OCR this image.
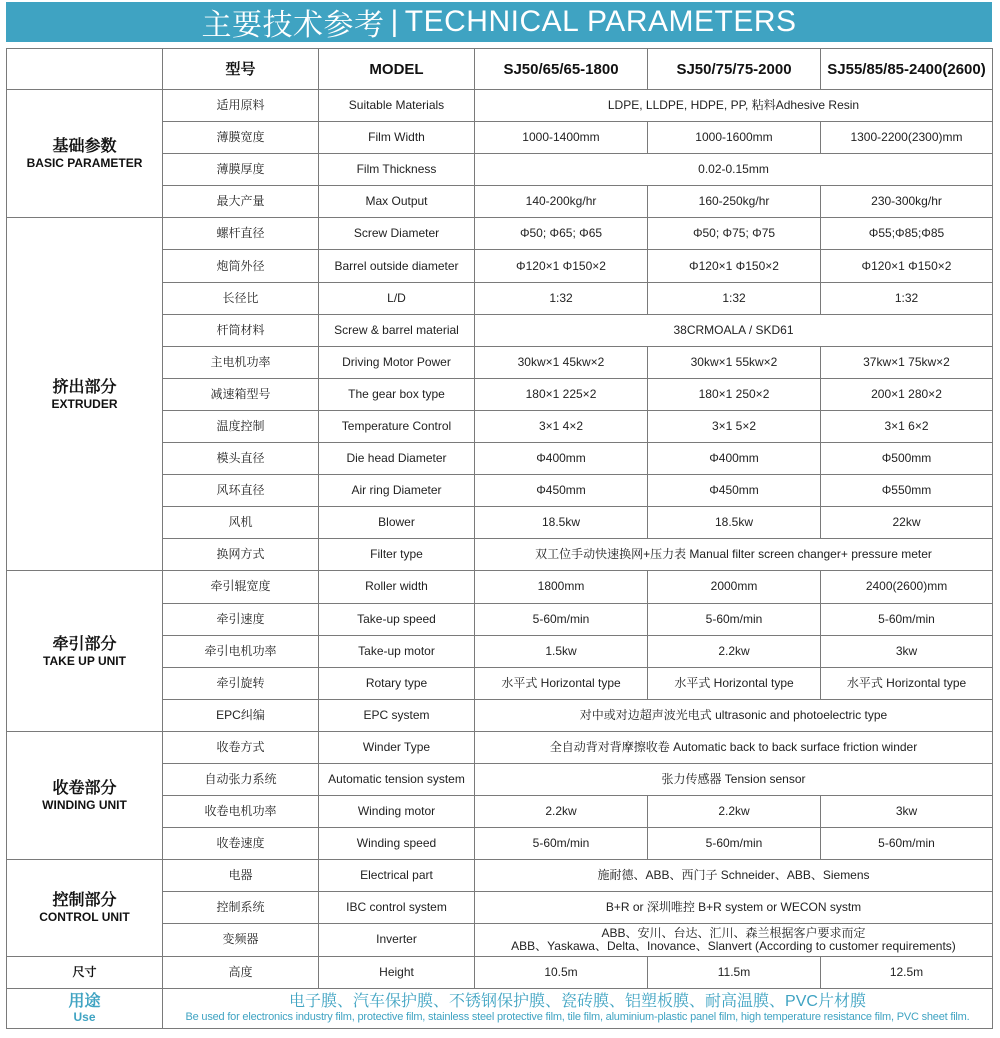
主要技术参考 | TECHNICAL PARAMETERS
	型号	MODEL	SJ50/65/65-1800	SJ50/75/75-2000	SJ55/85/85-2400(2600)

基础参数
BASIC PARAMETER	适用原料	Suitable Materials	LDPE, LLDPE, HDPE, PP, 粘料Adhesive Resin		
	薄膜宽度	Film Width	1000-1400mm	1000-1600mm	1300-2200(2300)mm
	薄膜厚度	Film Thickness	0.02-0.15mm		
	最大产量	Max Output	140-200kg/hr	160-250kg/hr	230-300kg/hr

挤出部分
EXTRUDER	螺杆直径	Screw Diameter	Φ50; Φ65; Φ65	Φ50; Φ75; Φ75	Φ55;Φ85;Φ85
	炮筒外径	Barrel outside diameter	Φ120×1 Φ150×2	Φ120×1 Φ150×2	Φ120×1 Φ150×2
	长径比	L/D	1:32	1:32	1:32
	杆筒材料	Screw & barrel material	38CRMOALA / SKD61		
	主电机功率	Driving Motor Power	30kw×1 45kw×2	30kw×1 55kw×2	37kw×1 75kw×2
	减速箱型号	The gear box type	180×1 225×2	180×1 250×2	200×1 280×2
	温度控制	Temperature Control	3×1 4×2	3×1 5×2	3×1 6×2
	模头直径	Die head Diameter	Φ400mm	Φ400mm	Φ500mm
	风环直径	Air ring Diameter	Φ450mm	Φ450mm	Φ550mm
	风机	Blower	18.5kw	18.5kw	22kw
	换网方式	Filter type	双工位手动快速换网+压力表 Manual filter screen changer+ pressure meter		

牵引部分
TAKE UP UNIT	牵引辊宽度	Roller width	1800mm	2000mm	2400(2600)mm
	牵引速度	Take-up speed	5-60m/min	5-60m/min	5-60m/min
	牵引电机功率	Take-up motor	1.5kw	2.2kw	3kw
	牵引旋转	Rotary type	水平式 Horizontal type	水平式 Horizontal type	水平式 Horizontal type
	EPC纠编	EPC system	对中或对边超声波光电式 ultrasonic and photoelectric type		

收卷部分
WINDING UNIT	收卷方式	Winder Type	全自动背对背摩擦收卷 Automatic back to back surface friction winder		
	自动张力系统	Automatic tension system	张力传感器 Tension sensor		
	收卷电机功率	Winding motor	2.2kw	2.2kw	3kw
	收卷速度	Winding speed	5-60m/min	5-60m/min	5-60m/min

控制部分
CONTROL UNIT	电器	Electrical part	施耐德、ABB、西门子 Schneider、ABB、Siemens		
	控制系统	IBC control system	B+R or 深圳唯控 B+R system or WECON systm		
	变频器	Inverter	ABB、安川、台达、汇川、森兰根据客户要求而定
ABB、Yaskawa、Delta、Inovance、Slanvert (According to customer requirements)		

尺寸	高度	Height	10.5m	11.5m	12.5m

用途
Use	电子膜、汽车保护膜、不锈钢保护膜、瓷砖膜、铝塑板膜、耐高温膜、PVC片材膜
Be used for electronics industry film, protective film, stainless steel protective film, tile film, aluminium-plastic panel film, high temperature resistance film, PVC sheet film.				
